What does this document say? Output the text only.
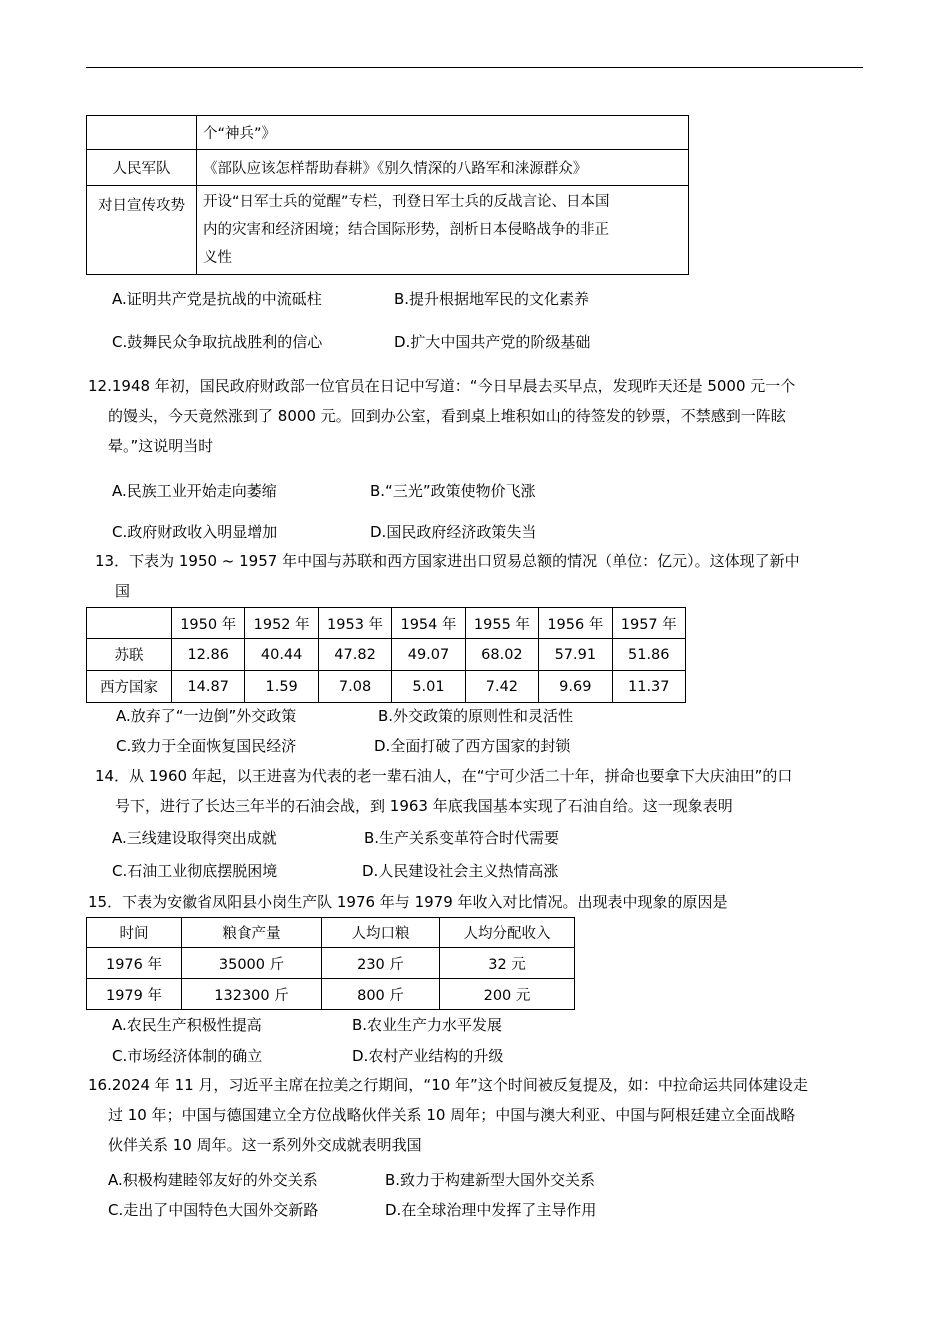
	个“神兵”》
人民军队	《部队应该怎样帮助春耕》《别久情深的八路军和涞源群众》
对日宣传攻势	开设“日军士兵的觉醒”专栏，刊登日军士兵的反战言论、日本国
内的灾害和经济困境；结合国际形势，剖析日本侵略战争的非正
义性
A.证明共产党是抗战的中流砥柱	B.提升根据地军民的文化素养
C.鼓舞民众争取抗战胜利的信心	D.扩大中国共产党的阶级基础
12.1948 年初，国民政府财政部一位官员在日记中写道：“今日早晨去买早点，发现昨天还是 5000 元一个
的馒头，今天竟然涨到了 8000 元。回到办公室，看到桌上堆积如山的待签发的钞票，不禁感到一阵眩
晕。”这说明当时
A.民族工业开始走向萎缩	B.“三光”政策使物价飞涨
C.政府财政收入明显增加	D.国民政府经济政策失当
13．下表为 1950 ~ 1957 年中国与苏联和西方国家进出口贸易总额的情况（单位：亿元）。这体现了新中
国
	1950 年	1952 年	1953 年	1954 年	1955 年	1956 年	1957 年
苏联	12.86	40.44	47.82	49.07	68.02	57.91	51.86
西方国家	14.87	1.59	7.08	5.01	7.42	9.69	11.37
A.放弃了“一边倒”外交政策	B.外交政策的原则性和灵活性
C.致力于全面恢复国民经济	D.全面打破了西方国家的封锁
14．从 1960 年起，以王进喜为代表的老一辈石油人，在“宁可少活二十年，拼命也要拿下大庆油田”的口
号下，进行了长达三年半的石油会战，到 1963 年底我国基本实现了石油自给。这一现象表明
A.三线建设取得突出成就	B.生产关系变革符合时代需要
C.石油工业彻底摆脱困境	D.人民建设社会主义热情高涨
15．下表为安徽省凤阳县小岗生产队 1976 年与 1979 年收入对比情况。出现表中现象的原因是
时间	粮食产量	人均口粮	人均分配收入
1976 年	35000 斤	230 斤	32 元
1979 年	132300 斤	800 斤	200 元
A.农民生产积极性提高	B.农业生产力水平发展
C.市场经济体制的确立	D.农村产业结构的升级
16.2024 年 11 月，习近平主席在拉美之行期间，“10 年”这个时间被反复提及，如：中拉命运共同体建设走
过 10 年；中国与德国建立全方位战略伙伴关系 10 周年；中国与澳大利亚、中国与阿根廷建立全面战略
伙伴关系 10 周年。这一系列外交成就表明我国
A.积极构建睦邻友好的外交关系	B.致力于构建新型大国外交关系
C.走出了中国特色大国外交新路	D.在全球治理中发挥了主导作用
